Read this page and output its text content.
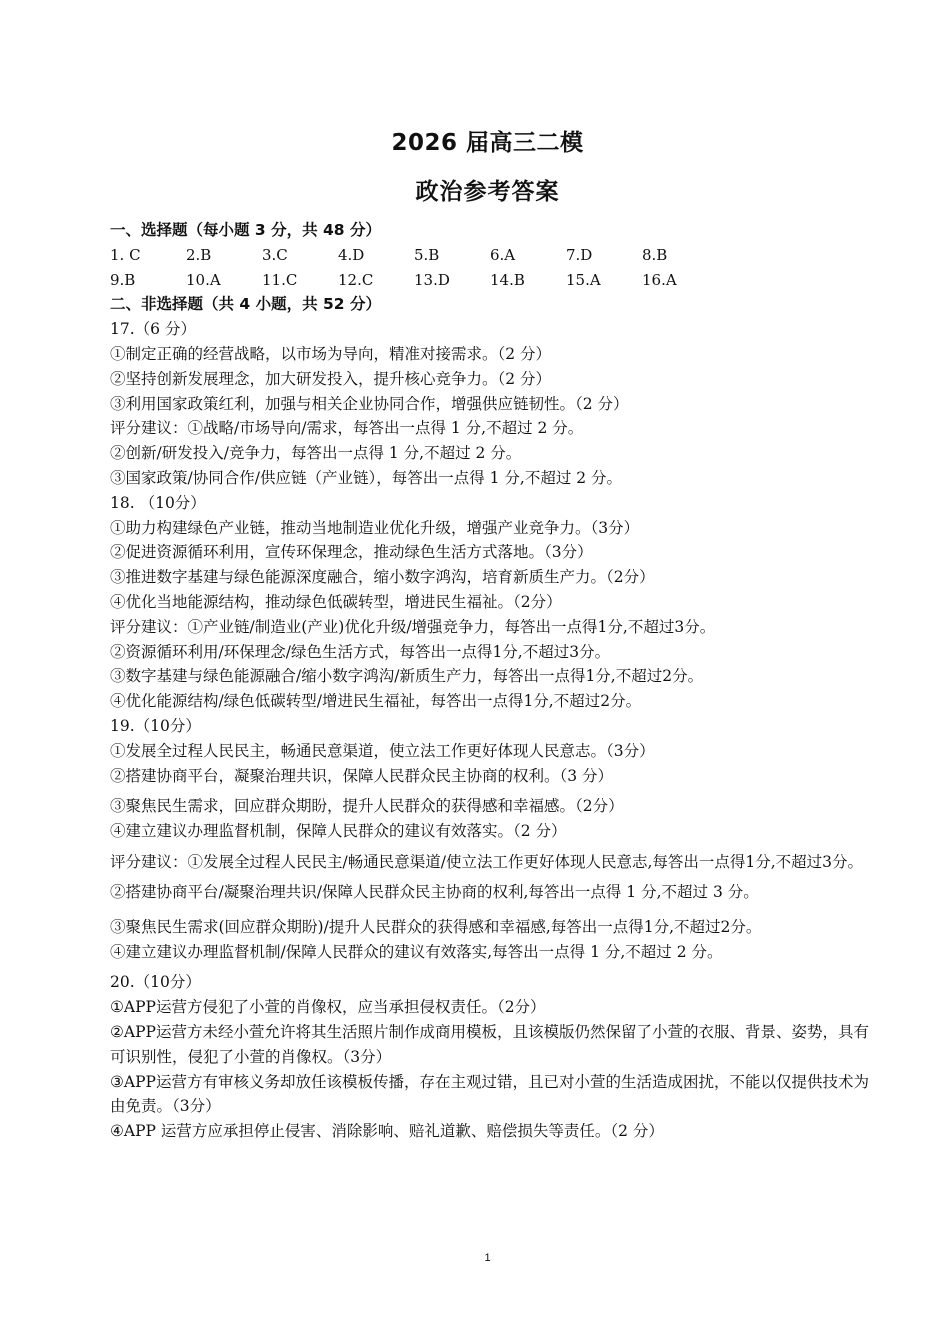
2026 届高三二模
政治参考答案
一、选择题（每小题 3 分，共 48 分）
1. C	2.B	3.C	4.D	5.B	6.A	7.D	8.B
9.B	10.A	11.C	12.C	13.D	14.B	15.A	16.A
二、非选择题（共 4 小题，共 52 分）
17.（6 分）
①制定正确的经营战略，以市场为导向，精准对接需求。（2 分）
②坚持创新发展理念，加大研发投入，提升核心竞争力。（2 分）
③利用国家政策红利，加强与相关企业协同合作，增强供应链韧性。（2 分）
评分建议：①战略/市场导向/需求，每答出一点得 1 分,不超过 2 分。
②创新/研发投入/竞争力，每答出一点得 1 分,不超过 2 分。
③国家政策/协同合作/供应链（产业链），每答出一点得 1 分,不超过 2 分。
18. （10分）
①助力构建绿色产业链，推动当地制造业优化升级，增强产业竞争力。（3分）
②促进资源循环利用，宣传环保理念，推动绿色生活方式落地。（3分）
③推进数字基建与绿色能源深度融合，缩小数字鸿沟，培育新质生产力。（2分）
④优化当地能源结构，推动绿色低碳转型，增进民生福祉。（2分）
评分建议：①产业链/制造业(产业)优化升级/增强竞争力，每答出一点得1分,不超过3分。
②资源循环利用/环保理念/绿色生活方式，每答出一点得1分,不超过3分。
③数字基建与绿色能源融合/缩小数字鸿沟/新质生产力，每答出一点得1分,不超过2分。
④优化能源结构/绿色低碳转型/增进民生福祉，每答出一点得1分,不超过2分。
19.（10分）
①发展全过程人民民主，畅通民意渠道，使立法工作更好体现人民意志。（3分）
②搭建协商平台，凝聚治理共识，保障人民群众民主协商的权利。（3 分）
③聚焦民生需求，回应群众期盼，提升人民群众的获得感和幸福感。（2分）
④建立建议办理监督机制，保障人民群众的建议有效落实。（2 分）
评分建议：①发展全过程人民民主/畅通民意渠道/使立法工作更好体现人民意志,每答出一点得1分,不超过3分。
②搭建协商平台/凝聚治理共识/保障人民群众民主协商的权利,每答出一点得 1 分,不超过 3 分。
③聚焦民生需求(回应群众期盼)/提升人民群众的获得感和幸福感,每答出一点得1分,不超过2分。
④建立建议办理监督机制/保障人民群众的建议有效落实,每答出一点得 1 分,不超过 2 分。
20.（10分）
①APP运营方侵犯了小萱的肖像权，应当承担侵权责任。（2分）
②APP运营方未经小萱允许将其生活照片制作成商用模板，且该模版仍然保留了小萱的衣服、背景、姿势，具有可识别性，侵犯了小萱的肖像权。（3分）
③APP运营方有审核义务却放任该模板传播，存在主观过错，且已对小萱的生活造成困扰，不能以仅提供技术为由免责。（3分）
④APP 运营方应承担停止侵害、消除影响、赔礼道歉、赔偿损失等责任。（2 分）
1
